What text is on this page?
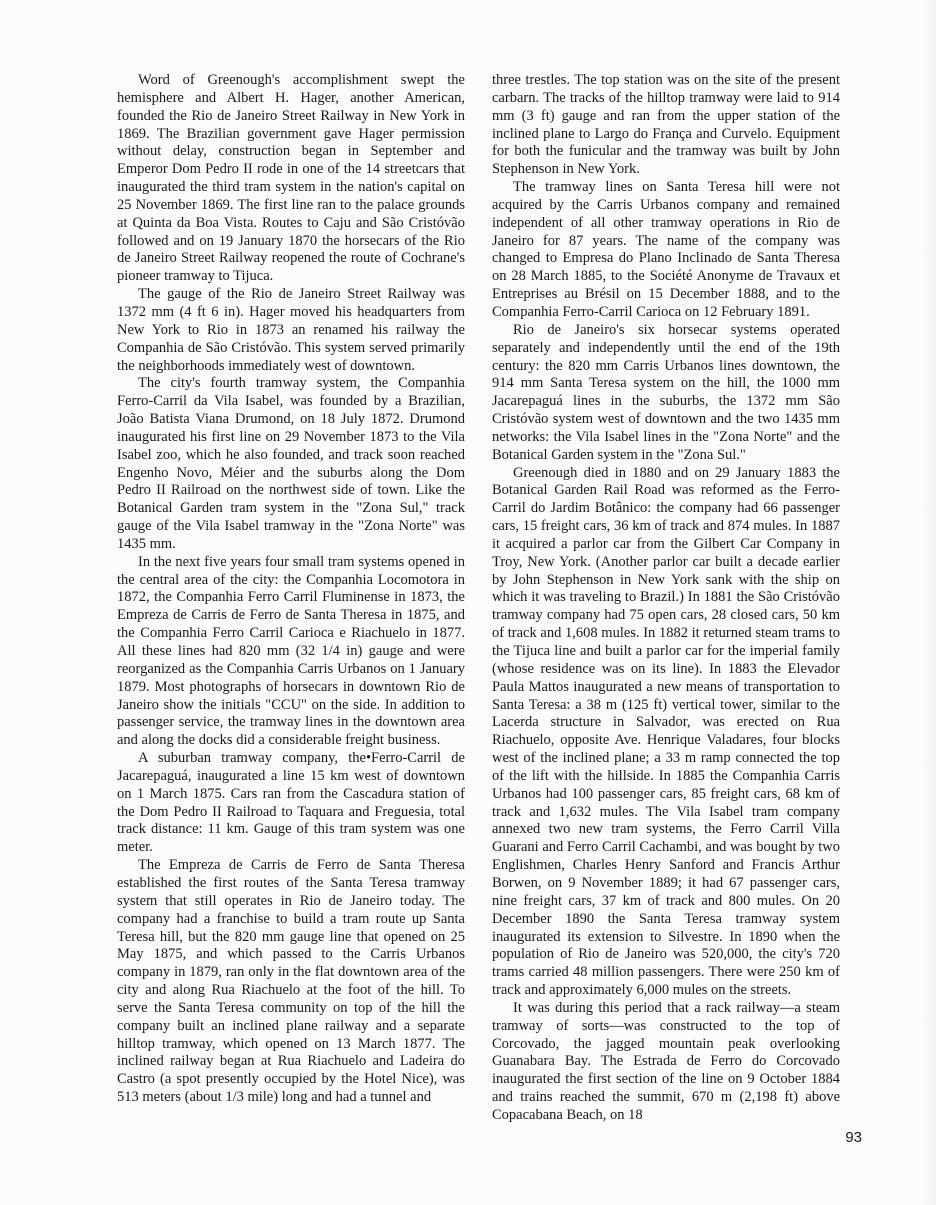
Word of Greenough's accomplishment swept the hemisphere and Albert H. Hager, another American, founded the Rio de Janeiro Street Railway in New York in 1869. The Brazilian government gave Hager permission without delay, construction began in September and Emperor Dom Pedro II rode in one of the 14 streetcars that inaugurated the third tram system in the nation's capital on 25 November 1869. The first line ran to the palace grounds at Quinta da Boa Vista. Routes to Caju and São Cristóvão followed and on 19 January 1870 the horsecars of the Rio de Janeiro Street Railway reopened the route of Cochrane's pioneer tramway to Tijuca.

The gauge of the Rio de Janeiro Street Railway was 1372 mm (4 ft 6 in). Hager moved his headquarters from New York to Rio in 1873 an renamed his railway the Companhia de São Cristóvão. This system served primarily the neighborhoods immediately west of downtown.

The city's fourth tramway system, the Companhia Ferro-Carril da Vila Isabel, was founded by a Brazilian, João Batista Viana Drumond, on 18 July 1872. Drumond inaugurated his first line on 29 November 1873 to the Vila Isabel zoo, which he also founded, and track soon reached Engenho Novo, Méier and the suburbs along the Dom Pedro II Railroad on the northwest side of town. Like the Botanical Garden tram system in the "Zona Sul," track gauge of the Vila Isabel tramway in the "Zona Norte" was 1435 mm.

In the next five years four small tram systems opened in the central area of the city: the Companhia Locomotora in 1872, the Companhia Ferro Carril Fluminense in 1873, the Empreza de Carris de Ferro de Santa Theresa in 1875, and the Companhia Ferro Carril Carioca e Riachuelo in 1877. All these lines had 820 mm (32 1/4 in) gauge and were reorganized as the Companhia Carris Urbanos on 1 January 1879. Most photographs of horsecars in downtown Rio de Janeiro show the initials "CCU" on the side. In addition to passenger service, the tramway lines in the downtown area and along the docks did a considerable freight business.

A suburban tramway company, the•Ferro-Carril de Jacarepaguá, inaugurated a line 15 km west of downtown on 1 March 1875. Cars ran from the Cascadura station of the Dom Pedro II Railroad to Taquara and Freguesia, total track distance: 11 km. Gauge of this tram system was one meter.

The Empreza de Carris de Ferro de Santa Theresa established the first routes of the Santa Teresa tramway system that still operates in Rio de Janeiro today. The company had a franchise to build a tram route up Santa Teresa hill, but the 820 mm gauge line that opened on 25 May 1875, and which passed to the Carris Urbanos company in 1879, ran only in the flat downtown area of the city and along Rua Riachuelo at the foot of the hill. To serve the Santa Teresa community on top of the hill the company built an inclined plane railway and a separate hilltop tramway, which opened on 13 March 1877. The inclined railway began at Rua Riachuelo and Ladeira do Castro (a spot presently occupied by the Hotel Nice), was 513 meters (about 1/3 mile) long and had a tunnel and

three trestles. The top station was on the site of the present carbarn. The tracks of the hilltop tramway were laid to 914 mm (3 ft) gauge and ran from the upper station of the inclined plane to Largo do França and Curvelo. Equipment for both the funicular and the tramway was built by John Stephenson in New York.

The tramway lines on Santa Teresa hill were not acquired by the Carris Urbanos company and remained independent of all other tramway operations in Rio de Janeiro for 87 years. The name of the company was changed to Empresa do Plano Inclinado de Santa Theresa on 28 March 1885, to the Société Anonyme de Travaux et Entreprises au Brésil on 15 December 1888, and to the Companhia Ferro-Carril Carioca on 12 February 1891.

Rio de Janeiro's six horsecar systems operated separately and independently until the end of the 19th century: the 820 mm Carris Urbanos lines downtown, the 914 mm Santa Teresa system on the hill, the 1000 mm Jacarepaguá lines in the suburbs, the 1372 mm São Cristóvão system west of downtown and the two 1435 mm networks: the Vila Isabel lines in the "Zona Norte" and the Botanical Garden system in the "Zona Sul."

Greenough died in 1880 and on 29 January 1883 the Botanical Garden Rail Road was reformed as the Ferro-Carril do Jardim Botânico: the company had 66 passenger cars, 15 freight cars, 36 km of track and 874 mules. In 1887 it acquired a parlor car from the Gilbert Car Company in Troy, New York. (Another parlor car built a decade earlier by John Stephenson in New York sank with the ship on which it was traveling to Brazil.) In 1881 the São Cristóvão tramway company had 75 open cars, 28 closed cars, 50 km of track and 1,608 mules. In 1882 it returned steam trams to the Tijuca line and built a parlor car for the imperial family (whose residence was on its line). In 1883 the Elevador Paula Mattos inaugurated a new means of transportation to Santa Teresa: a 38 m (125 ft) vertical tower, similar to the Lacerda structure in Salvador, was erected on Rua Riachuelo, opposite Ave. Henrique Valadares, four blocks west of the inclined plane; a 33 m ramp connected the top of the lift with the hillside. In 1885 the Companhia Carris Urbanos had 100 passenger cars, 85 freight cars, 68 km of track and 1,632 mules. The Vila Isabel tram company annexed two new tram systems, the Ferro Carril Villa Guarani and Ferro Carril Cachambi, and was bought by two Englishmen, Charles Henry Sanford and Francis Arthur Borwen, on 9 November 1889; it had 67 passenger cars, nine freight cars, 37 km of track and 800 mules. On 20 December 1890 the Santa Teresa tramway system inaugurated its extension to Silvestre. In 1890 when the population of Rio de Janeiro was 520,000, the city's 720 trams carried 48 million passengers. There were 250 km of track and approximately 6,000 mules on the streets.

It was during this period that a rack railway—a steam tramway of sorts—was constructed to the top of Corcovado, the jagged mountain peak overlooking Guanabara Bay. The Estrada de Ferro do Corcovado inaugurated the first section of the line on 9 October 1884 and trains reached the summit, 670 m (2,198 ft) above Copacabana Beach, on 18

93
